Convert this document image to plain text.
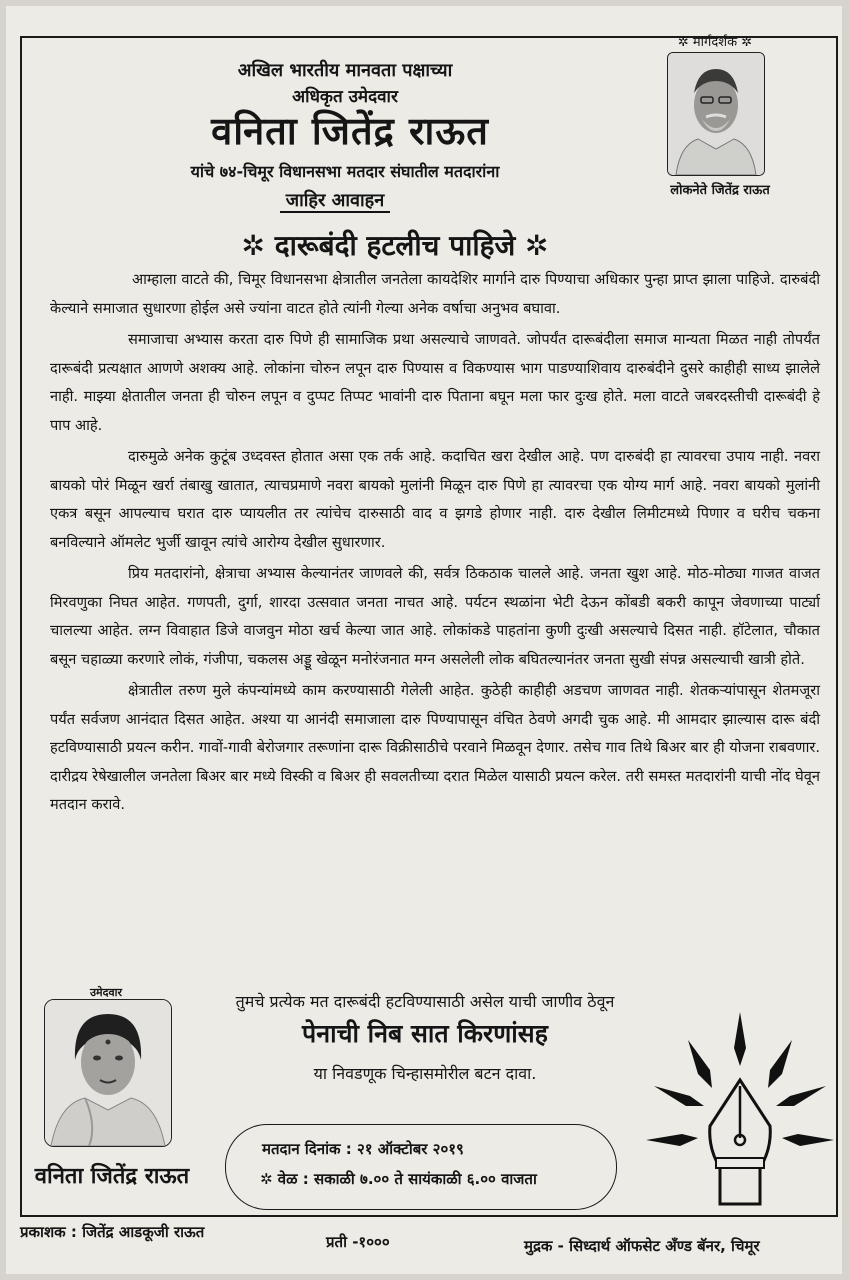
अखिल भारतीय मानवता पक्षाच्या
अधिकृत उमेदवार
वनिता जितेंद्र राऊत
यांचे ७४-चिमूर विधानसभा मतदार संघातील मतदारांना
जाहिर आवाहन
✲ दारूबंदी हटलीच पाहिजे ✲
✲ मार्गदर्शक ✲
लोकनेते जितेंद्र राऊत

आम्हाला वाटते की, चिमूर विधानसभा क्षेत्रातील जनतेला कायदेशिर मार्गाने दारु पिण्याचा अधिकार पुन्हा प्राप्त झाला पाहिजे. दारुबंदी केल्याने समाजात सुधारणा होईल असे ज्यांना वाटत होते त्यांनी गेल्या अनेक वर्षाचा अनुभव बघावा.

समाजाचा अभ्यास करता दारु पिणे ही सामाजिक प्रथा असल्याचे जाणवते. जोपर्यंत दारूबंदीला समाज मान्यता मिळत नाही तोपर्यंत दारूबंदी प्रत्यक्षात आणणे अशक्य आहे. लोकांना चोरुन लपून दारु पिण्यास व विकण्यास भाग पाडण्याशिवाय दारुबंदीने दुसरे काहीही साध्य झालेले नाही. माझ्या क्षेतातील जनता ही चोरुन लपून व दुप्पट तिप्पट भावांनी दारु पिताना बघून मला फार दुःख होते. मला वाटते जबरदस्तीची दारूबंदी हे पाप आहे.

दारुमुळे अनेक कुटूंब उध्दवस्त होतात असा एक तर्क आहे. कदाचित खरा देखील आहे. पण दारुबंदी हा त्यावरचा उपाय नाही. नवरा बायको पोरं मिळून खर्रा तंबाखु खातात, त्याचप्रमाणे नवरा बायको मुलांनी मिळून दारु पिणे हा त्यावरचा एक योग्य मार्ग आहे. नवरा बायको मुलांनी एकत्र बसून आपल्याच घरात दारु प्यायलीत तर त्यांचेच दारुसाठी वाद व झगडे होणार नाही. दारु देखील लिमीटमध्ये पिणार व घरीच चकना बनविल्याने ऑमलेट भुर्जी खावून त्यांचे आरोग्य देखील सुधारणार.

प्रिय मतदारांनो, क्षेत्राचा अभ्यास केल्यानंतर जाणवले की, सर्वत्र ठिकठाक चालले आहे. जनता खुश आहे. मोठ-मोठ्या गाजत वाजत मिरवणुका निघत आहेत. गणपती, दुर्गा, शारदा उत्सवात जनता नाचत आहे. पर्यटन स्थळांना भेटी देऊन कोंबडी बकरी कापून जेवणाच्या पार्ट्या चालल्या आहेत. लग्न विवाहात डिजे वाजवुन मोठा खर्च केल्या जात आहे. लोकांकडे पाहतांना कुणी दुःखी असल्याचे दिसत नाही. हॉटेलात, चौकात बसून चहाळ्या करणारे लोकं, गंजीपा, चकलस अड्डू खेळून मनोरंजनात मग्न असलेली लोक बघितल्यानंतर जनता सुखी संपन्न असल्याची खात्री होते.

क्षेत्रातील तरुण मुले कंपन्यांमध्ये काम करण्यासाठी गेलेली आहेत. कुठेही काहीही अडचण जाणवत नाही. शेतकऱ्यांपासून शेतमजूरा पर्यंत सर्वजण आनंदात दिसत आहेत. अश्या या आनंदी समाजाला दारु पिण्यापासून वंचित ठेवणे अगदी चुक आहे. मी आमदार झाल्यास दारू बंदी हटविण्यासाठी प्रयत्न करीन. गावों-गावी बेरोजगार तरूणांना दारू विक्रीसाठीचे परवाने मिळवून देणार. तसेच गाव तिथे बिअर बार ही योजना राबवणार. दारीद्रय रेषेखालील जनतेला बिअर बार मध्ये विस्की व बिअर ही सवलतीच्या दरात मिळेल यासाठी प्रयत्न करेल. तरी समस्त मतदारांनी याची नोंद घेवून मतदान करावे.

उमेदवार
वनिता जितेंद्र राऊत
तुमचे प्रत्येक मत दारूबंदी हटविण्यासाठी असेल याची जाणीव ठेवून
पेनाची निब सात किरणांसह
या निवडणूक चिन्हासमोरील बटन दावा.
मतदान दिनांक : २१ ऑक्टोबर २०१९
✲ वेळ : सकाळी ७.०० ते सायंकाळी ६.०० वाजता
प्रकाशक : जितेंद्र आडकूजी राऊत
प्रती -१०००	मुद्रक - सिध्दार्थ ऑफसेट अँण्ड बॅनर, चिमूर
